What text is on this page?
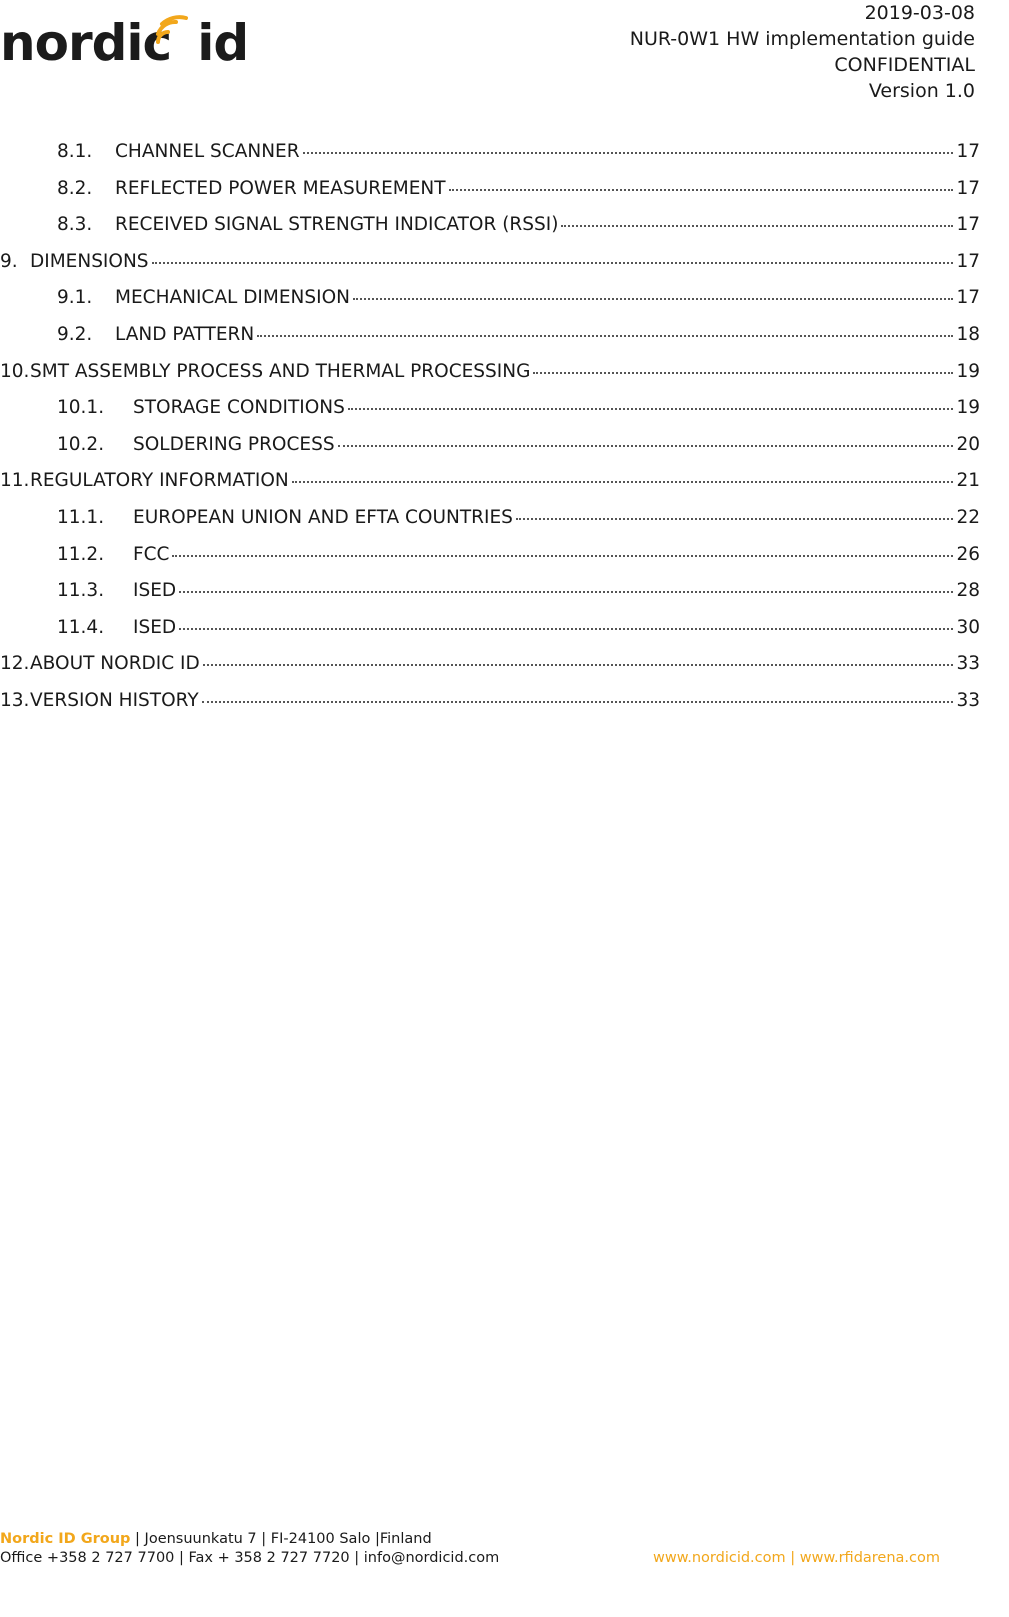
nordic id
2019-03-08
NUR-0W1 HW implementation guide
CONFIDENTIAL
Version 1.0
8.1.	CHANNEL SCANNER	17
8.2.	REFLECTED POWER MEASUREMENT	17
8.3.	RECEIVED SIGNAL STRENGTH INDICATOR (RSSI)	17
9. DIMENSIONS	17
9.1.	MECHANICAL DIMENSION	17
9.2.	LAND PATTERN	18
10. SMT ASSEMBLY PROCESS AND THERMAL PROCESSING	19
10.1.	STORAGE CONDITIONS	19
10.2.	SOLDERING PROCESS	20
11. REGULATORY INFORMATION	21
11.1.	EUROPEAN UNION AND EFTA COUNTRIES	22
11.2.	FCC	26
11.3.	ISED	28
11.4.	ISED	30
12. ABOUT NORDIC ID	33
13. VERSION HISTORY	33
Nordic ID Group | Joensuunkatu 7 | FI-24100 Salo |Finland
Office +358 2 727 7700 | Fax + 358 2 727 7720 | info@nordicid.com	www.nordicid.com | www.rfidarena.com
